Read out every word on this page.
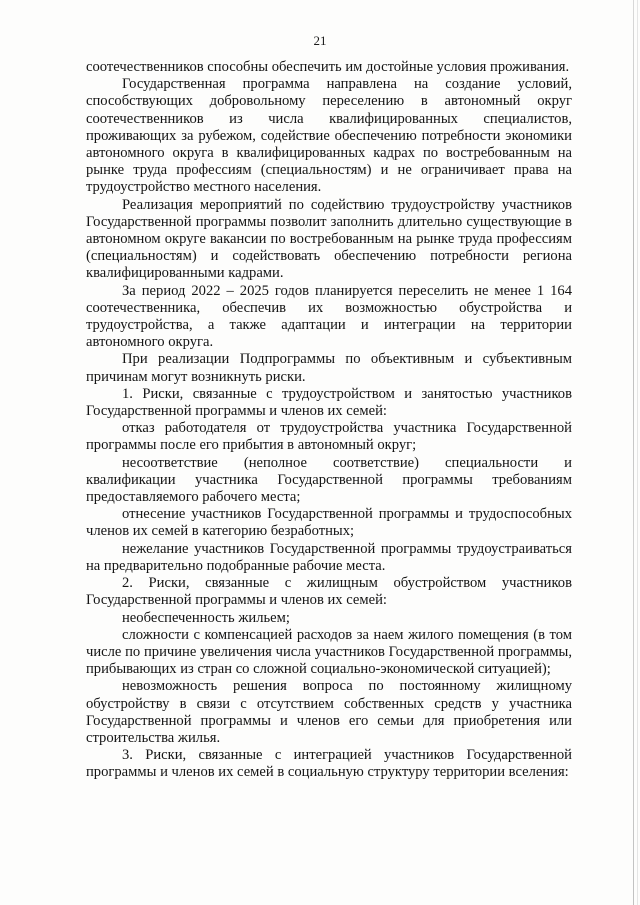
21

соотечественников способны обеспечить им достойные условия проживания.

Государственная программа направлена на создание условий, способствующих добровольному переселению в автономный округ соотечественников из числа квалифицированных специалистов, проживающих за рубежом, содействие обеспечению потребности экономики автономного округа в квалифицированных кадрах по востребованным на рынке труда профессиям (специальностям) и не ограничивает права на трудоустройство местного населения.

Реализация мероприятий по содействию трудоустройству участников Государственной программы позволит заполнить длительно существующие в автономном округе вакансии по востребованным на рынке труда профессиям (специальностям) и содействовать обеспечению потребности региона квалифицированными кадрами.

За период 2022 – 2025 годов планируется переселить не менее 1 164 соотечественника, обеспечив их возможностью обустройства и трудоустройства, а также адаптации и интеграции на территории автономного округа.

При реализации Подпрограммы по объективным и субъективным причинам могут возникнуть риски.

1. Риски, связанные с трудоустройством и занятостью участников Государственной программы и членов их семей:

отказ работодателя от трудоустройства участника Государственной программы после его прибытия в автономный округ;

несоответствие (неполное соответствие) специальности и квалификации участника Государственной программы требованиям предоставляемого рабочего места;

отнесение участников Государственной программы и трудоспособных членов их семей в категорию безработных;

нежелание участников Государственной программы трудоустраиваться на предварительно подобранные рабочие места.

2. Риски, связанные с жилищным обустройством участников Государственной программы и членов их семей:

необеспеченность жильем;

сложности с компенсацией расходов за наем жилого помещения (в том числе по причине увеличения числа участников Государственной программы, прибывающих из стран со сложной социально-экономической ситуацией);

невозможность решения вопроса по постоянному жилищному обустройству в связи с отсутствием собственных средств у участника Государственной программы и членов его семьи для приобретения или строительства жилья.

3. Риски, связанные с интеграцией участников Государственной программы и членов их семей в социальную структуру территории вселения:
